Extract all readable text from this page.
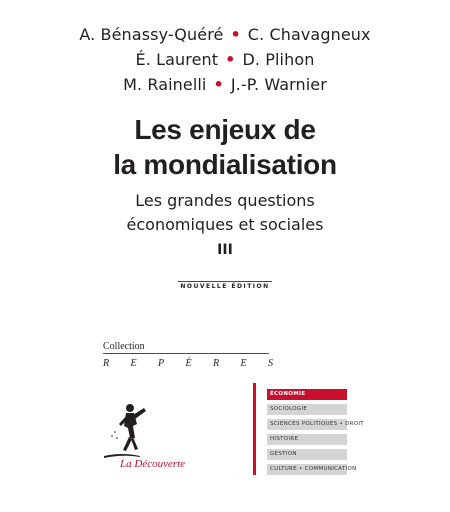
A. Bénassy-Quéré • C. Chavagneux
É. Laurent • D. Plihon
M. Rainelli • J.-P. Warnier
Les enjeux de
la mondialisation
Les grandes questions
économiques et sociales
III
NOUVELLE ÉDITION
Collection
R E P È R E S
La Découverte
ÉCONOMIE
SOCIOLOGIE
SCIENCES POLITIQUES • DROIT
HISTOIRE
GESTION
CULTURE • COMMUNICATION
